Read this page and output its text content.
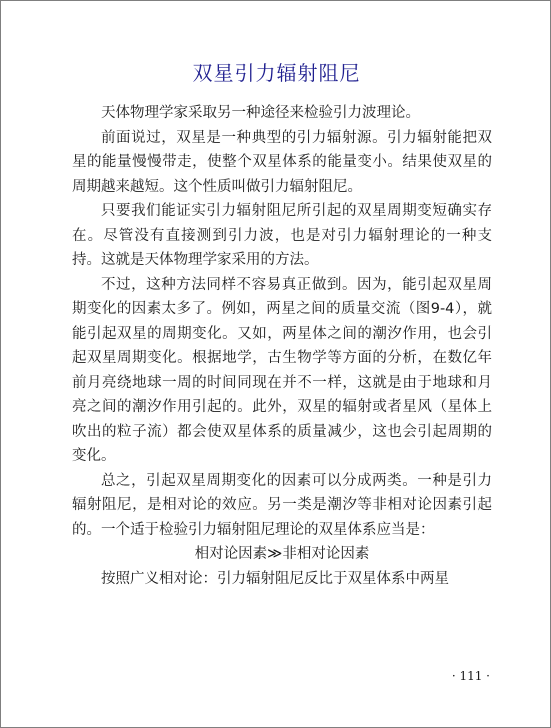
双星引力辐射阻尼

天体物理学家采取另一种途径来检验引力波理论。

前面说过，双星是一种典型的引力辐射源。引力辐射能把双星的能量慢慢带走，使整个双星体系的能量变小。结果使双星的周期越来越短。这个性质叫做引力辐射阻尼。

只要我们能证实引力辐射阻尼所引起的双星周期变短确实存在。尽管没有直接测到引力波，也是对引力辐射理论的一种支持。这就是天体物理学家采用的方法。

不过，这种方法同样不容易真正做到。因为，能引起双星周期变化的因素太多了。例如，两星之间的质量交流（图9-4），就能引起双星的周期变化。又如，两星体之间的潮汐作用，也会引起双星周期变化。根据地学，古生物学等方面的分析，在数亿年前月亮绕地球一周的时间同现在并不一样，这就是由于地球和月亮之间的潮汐作用引起的。此外，双星的辐射或者星风（星体上吹出的粒子流）都会使双星体系的质量减少，这也会引起周期的变化。

总之，引起双星周期变化的因素可以分成两类。一种是引力辐射阻尼，是相对论的效应。另一类是潮汐等非相对论因素引起的。一个适于检验引力辐射阻尼理论的双星体系应当是：

相对论因素≫非相对论因素

按照广义相对论：引力辐射阻尼反比于双星体系中两星

· 111 ·
